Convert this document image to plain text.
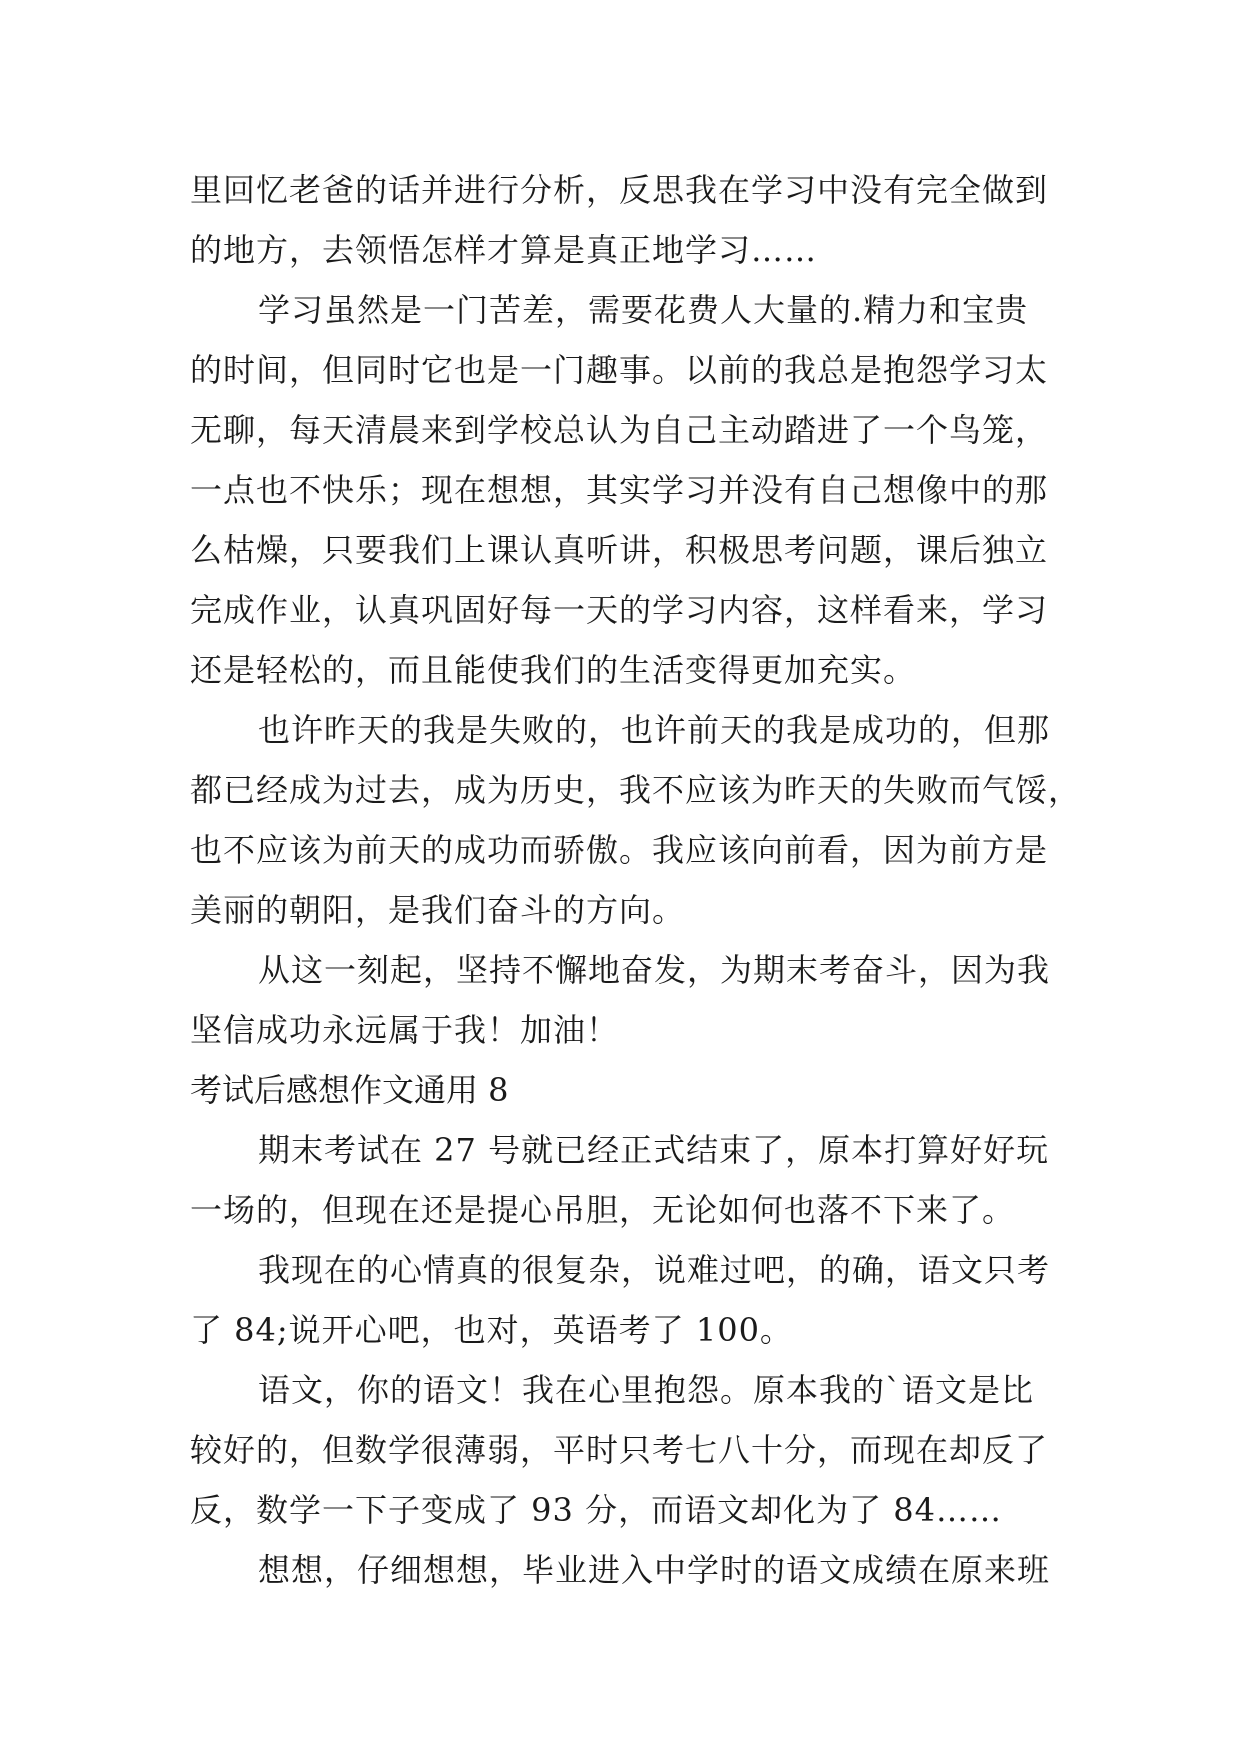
里回忆老爸的话并进行分析，反思我在学习中没有完全做到
的地方，去领悟怎样才算是真正地学习……
学习虽然是一门苦差，需要花费人大量的.精力和宝贵
的时间，但同时它也是一门趣事。以前的我总是抱怨学习太
无聊，每天清晨来到学校总认为自己主动踏进了一个鸟笼，
一点也不快乐；现在想想，其实学习并没有自己想像中的那
么枯燥，只要我们上课认真听讲，积极思考问题，课后独立
完成作业，认真巩固好每一天的学习内容，这样看来，学习
还是轻松的，而且能使我们的生活变得更加充实。
也许昨天的我是失败的，也许前天的我是成功的，但那
都已经成为过去，成为历史，我不应该为昨天的失败而气馁，
也不应该为前天的成功而骄傲。我应该向前看，因为前方是
美丽的朝阳，是我们奋斗的方向。
从这一刻起，坚持不懈地奋发，为期末考奋斗，因为我
坚信成功永远属于我！加油！
考试后感想作文通用 8
期末考试在 27 号就已经正式结束了，原本打算好好玩
一场的，但现在还是提心吊胆，无论如何也落不下来了。
我现在的心情真的很复杂，说难过吧，的确，语文只考
了 84;说开心吧，也对，英语考了 100。
语文，你的语文！我在心里抱怨。原本我的`语文是比
较好的，但数学很薄弱，平时只考七八十分，而现在却反了
反，数学一下子变成了 93 分，而语文却化为了 84……
想想，仔细想想，毕业进入中学时的语文成绩在原来班
